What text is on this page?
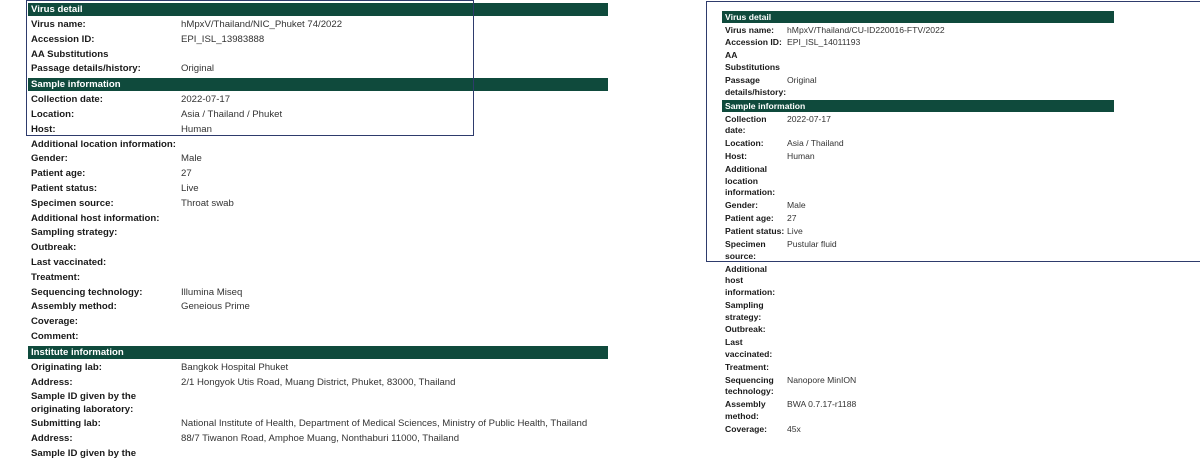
Virus detail
Virus name:	hMpxV/Thailand/NIC_Phuket 74/2022
Accession ID:	EPI_ISL_13983888
AA Substitutions
Passage details/history:	Original
Sample information
Collection date:	2022-07-17
Location:	Asia / Thailand / Phuket
Host:	Human
Additional location information:
Gender:	Male
Patient age:	27
Patient status:	Live
Specimen source:	Throat swab
Additional host information:
Sampling strategy:
Outbreak:
Last vaccinated:
Treatment:
Sequencing technology:	Illumina Miseq
Assembly method:	Geneious Prime
Coverage:
Comment:
Institute information
Originating lab:	Bangkok Hospital Phuket
Address:	2/1 Hongyok Utis Road, Muang District, Phuket, 83000, Thailand
Sample ID given by the originating laboratory:
Submitting lab:	National Institute of Health, Department of Medical Sciences, Ministry of Public Health, Thailand
Address:	88/7 Tiwanon Road, Amphoe Muang, Nonthaburi 11000, Thailand
Sample ID given by the
Virus detail
Virus name:	hMpxV/Thailand/CU-ID220016-FTV/2022
Accession ID: EPI_ISL_14011193
AA Substitutions
Passage details/history:
Original
Sample information
Collection date:
2022-07-17
Location:	Asia / Thailand
Host:	Human
Additional location information:
Gender:	Male
Patient age:	27
Patient status: Live
Specimen source:
Pustular fluid
Additional host information:
Sampling strategy:
Outbreak:
Last vaccinated:
Treatment:
Sequencing technology:
Nanopore MinION
Assembly method:
BWA 0.7.17-r1188
Coverage:	45x
